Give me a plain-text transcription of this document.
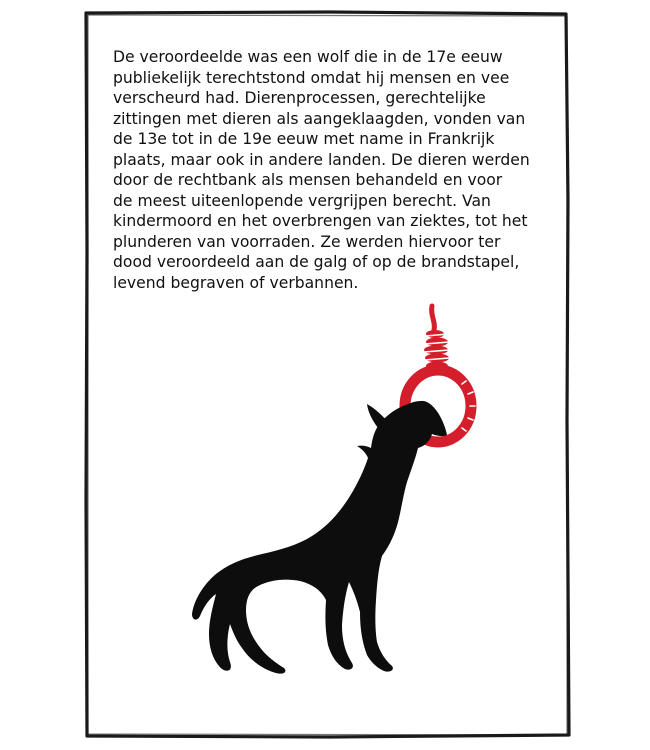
De veroordeelde was een wolf die in de 17e eeuw
publiekelijk terechtstond omdat hij mensen en vee
verscheurd had. Dierenprocessen, gerechtelijke
zittingen met dieren als aangeklaagden, vonden van
de 13e tot in de 19e eeuw met name in Frankrijk
plaats, maar ook in andere landen. De dieren werden
door de rechtbank als mensen behandeld en voor
de meest uiteenlopende vergrijpen berecht. Van
kindermoord en het overbrengen van ziektes, tot het
plunderen van voorraden. Ze werden hiervoor ter
dood veroordeeld aan de galg of op de brandstapel,
levend begraven of verbannen.
